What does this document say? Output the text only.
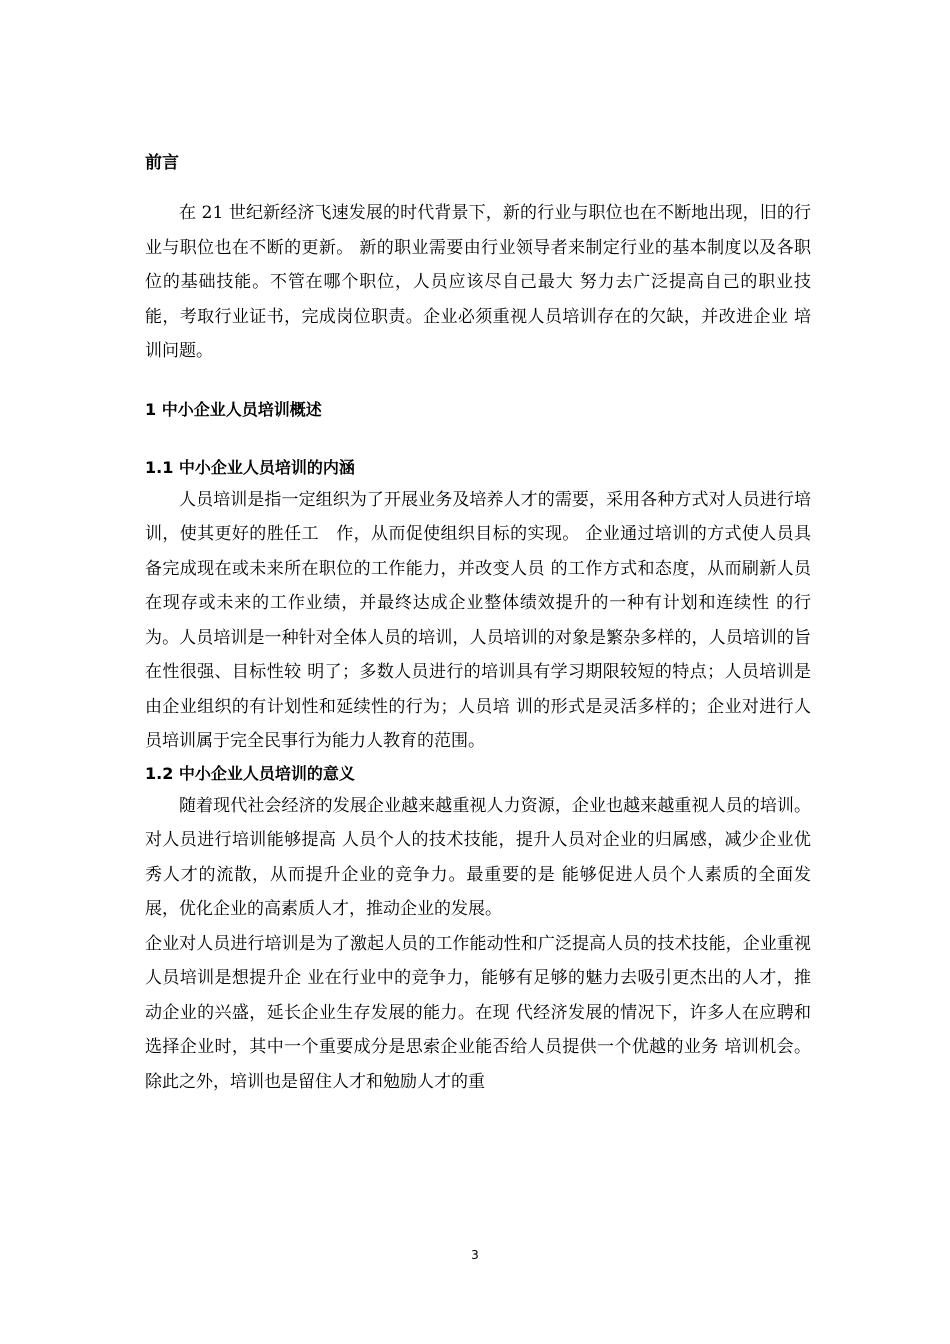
前言

在 21 世纪新经济飞速发展的时代背景下，新的行业与职位也在不断地出现，旧的行业与职位也在不断的更新。 新的职业需要由行业领导者来制定行业的基本制度以及各职位的基础技能。不管在哪个职位，人员应该尽自己最大 努力去广泛提高自己的职业技能，考取行业证书，完成岗位职责。企业必须重视人员培训存在的欠缺，并改进企业 培训问题。

1 中小企业人员培训概述
1.1 中小企业人员培训的内涵

人员培训是指一定组织为了开展业务及培养人才的需要，采用各种方式对人员进行培训，使其更好的胜任工　作，从而促使组织目标的实现。 企业通过培训的方式使人员具备完成现在或未来所在职位的工作能力，并改变人员 的工作方式和态度，从而刷新人员在现存或未来的工作业绩，并最终达成企业整体绩效提升的一种有计划和连续性 的行为。人员培训是一种针对全体人员的培训，人员培训的对象是繁杂多样的，人员培训的旨在性很强、目标性较 明了；多数人员进行的培训具有学习期限较短的特点；人员培训是由企业组织的有计划性和延续性的行为；人员培 训的形式是灵活多样的；企业对进行人员培训属于完全民事行为能力人教育的范围。

1.2 中小企业人员培训的意义

随着现代社会经济的发展企业越来越重视人力资源，企业也越来越重视人员的培训。对人员进行培训能够提高 人员个人的技术技能，提升人员对企业的归属感，减少企业优秀人才的流散，从而提升企业的竞争力。最重要的是 能够促进人员个人素质的全面发展，优化企业的高素质人才，推动企业的发展。

企业对人员进行培训是为了激起人员的工作能动性和广泛提高人员的技术技能，企业重视人员培训是想提升企 业在行业中的竞争力，能够有足够的魅力去吸引更杰出的人才，推动企业的兴盛，延长企业生存发展的能力。在现 代经济发展的情况下，许多人在应聘和选择企业时，其中一个重要成分是思索企业能否给人员提供一个优越的业务 培训机会。除此之外，培训也是留住人才和勉励人才的重

3
